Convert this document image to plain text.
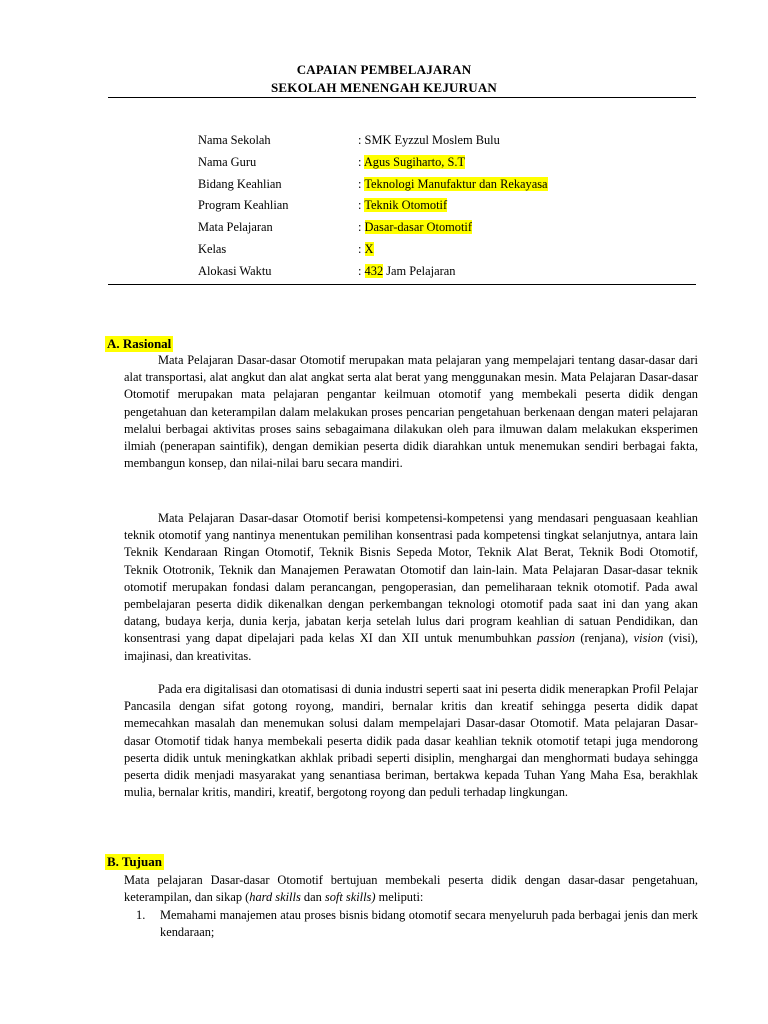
CAPAIAN PEMBELAJARAN
SEKOLAH MENENGAH KEJURUAN
Nama Sekolah	: SMK Eyzzul Moslem Bulu
Nama Guru	: Agus Sugiharto, S.T
Bidang Keahlian	: Teknologi Manufaktur dan Rekayasa
Program Keahlian	: Teknik Otomotif
Mata Pelajaran	: Dasar-dasar Otomotif
Kelas	: X
Alokasi Waktu	: 432 Jam Pelajaran
A. Rasional

Mata Pelajaran Dasar-dasar Otomotif merupakan mata pelajaran yang mempelajari tentang dasar-dasar dari alat transportasi, alat angkut dan alat angkat serta alat berat yang menggunakan mesin. Mata Pelajaran Dasar-dasar Otomotif merupakan mata pelajaran pengantar keilmuan otomotif yang membekali peserta didik dengan pengetahuan dan keterampilan dalam melakukan proses pencarian pengetahuan berkenaan dengan materi pelajaran melalui berbagai aktivitas proses sains sebagaimana dilakukan oleh para ilmuwan dalam melakukan eksperimen ilmiah (penerapan saintifik), dengan demikian peserta didik diarahkan untuk menemukan sendiri berbagai fakta, membangun konsep, dan nilai-nilai baru secara mandiri.

Mata Pelajaran Dasar-dasar Otomotif berisi kompetensi-kompetensi yang mendasari penguasaan keahlian teknik otomotif yang nantinya menentukan pemilihan konsentrasi pada kompetensi tingkat selanjutnya, antara lain Teknik Kendaraan Ringan Otomotif, Teknik Bisnis Sepeda Motor, Teknik Alat Berat, Teknik Bodi Otomotif, Teknik Ototronik, Teknik dan Manajemen Perawatan Otomotif dan lain-lain. Mata Pelajaran Dasar-dasar teknik otomotif merupakan fondasi dalam perancangan, pengoperasian, dan pemeliharaan teknik otomotif. Pada awal pembelajaran peserta didik dikenalkan dengan perkembangan teknologi otomotif pada saat ini dan yang akan datang, budaya kerja, dunia kerja, jabatan kerja setelah lulus dari program keahlian di satuan Pendidikan, dan konsentrasi yang dapat dipelajari pada kelas XI dan XII untuk menumbuhkan passion (renjana), vision (visi), imajinasi, dan kreativitas.

Pada era digitalisasi dan otomatisasi di dunia industri seperti saat ini peserta didik menerapkan Profil Pelajar Pancasila dengan sifat gotong royong, mandiri, bernalar kritis dan kreatif sehingga peserta didik dapat memecahkan masalah dan menemukan solusi dalam mempelajari Dasar-dasar Otomotif. Mata pelajaran Dasar-dasar Otomotif tidak hanya membekali peserta didik pada dasar keahlian teknik otomotif tetapi juga mendorong peserta didik untuk meningkatkan akhlak pribadi seperti disiplin, menghargai dan menghormati budaya sehingga peserta didik menjadi masyarakat yang senantiasa beriman, bertakwa kepada Tuhan Yang Maha Esa, berakhlak mulia, bernalar kritis, mandiri, kreatif, bergotong royong dan peduli terhadap lingkungan.

B. Tujuan

Mata pelajaran Dasar-dasar Otomotif bertujuan membekali peserta didik dengan dasar-dasar pengetahuan, keterampilan, dan sikap (hard skills dan soft skills) meliputi:

1. Memahami manajemen atau proses bisnis bidang otomotif secara menyeluruh pada berbagai jenis dan merk kendaraan;
